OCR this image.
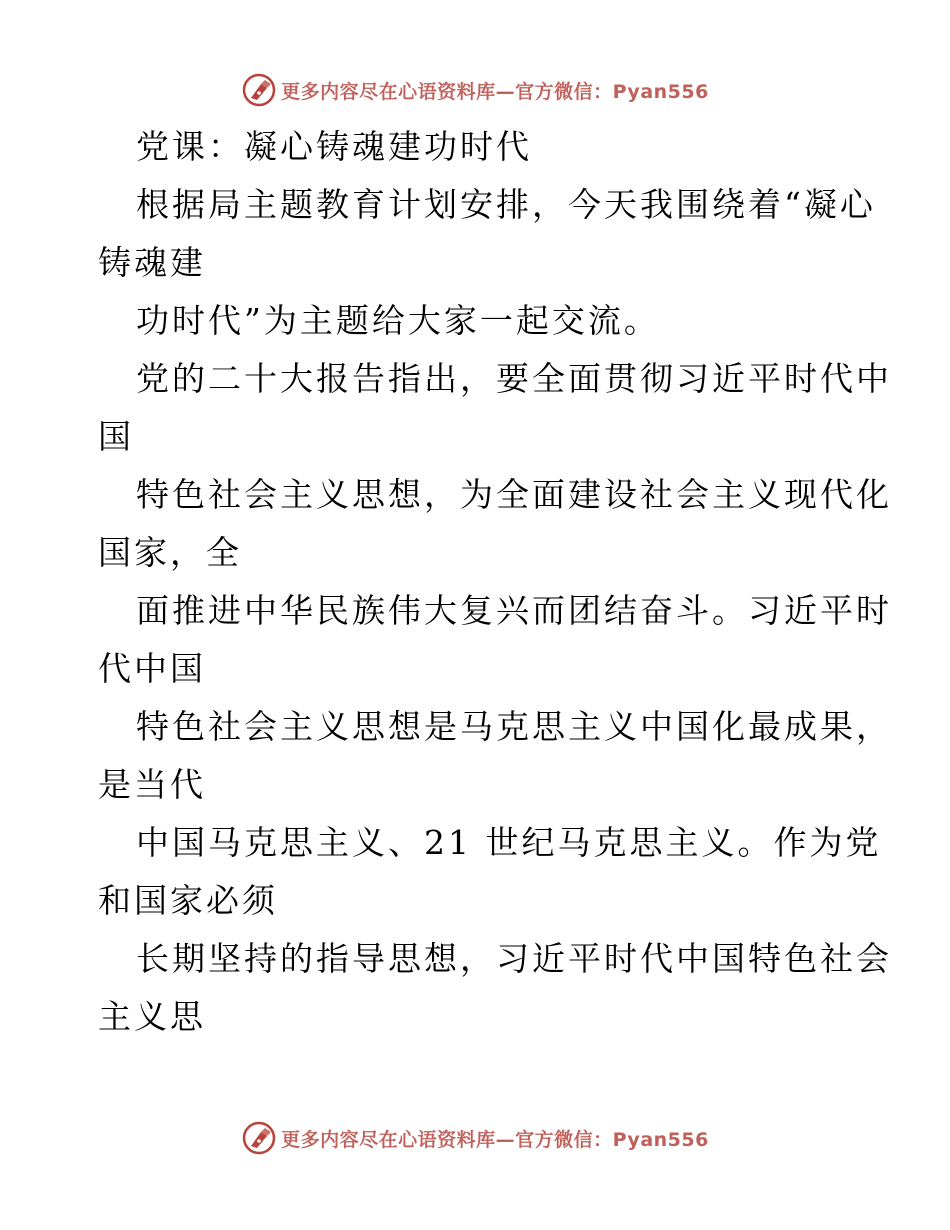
更多内容尽在心语资料库—官方微信：Pyan556
党课：凝心铸魂建功时代
根据局主题教育计划安排，今天我围绕着“凝心
铸魂建
功时代”为主题给大家一起交流。
党的二十大报告指出，要全面贯彻习近平时代中
国
特色社会主义思想，为全面建设社会主义现代化
国家，全
面推进中华民族伟大复兴而团结奋斗。习近平时
代中国
特色社会主义思想是马克思主义中国化最成果，
是当代
中国马克思主义、21 世纪马克思主义。作为党
和国家必须
长期坚持的指导思想，习近平时代中国特色社会
主义思
更多内容尽在心语资料库—官方微信：Pyan556
